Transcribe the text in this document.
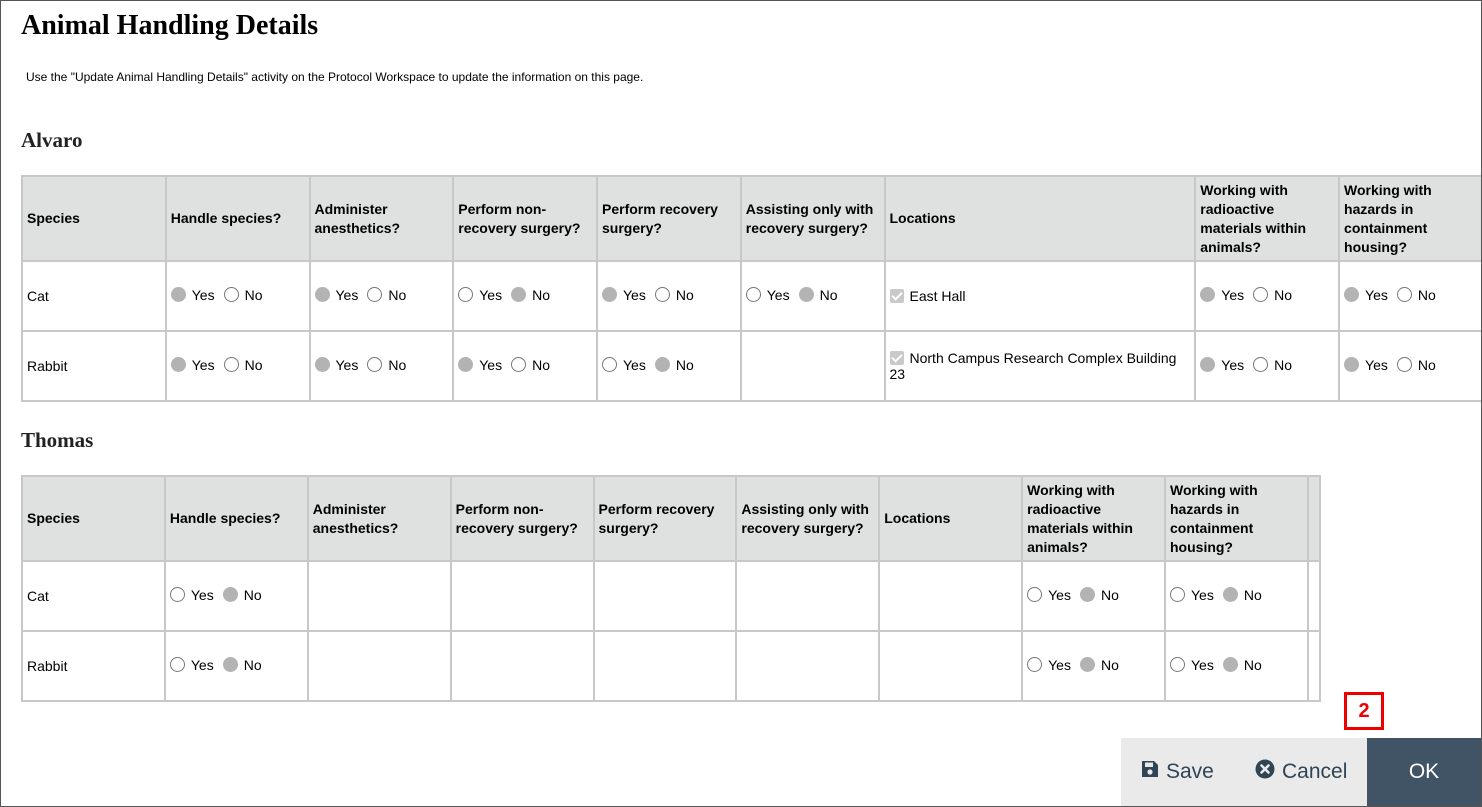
Animal Handling Details
Use the "Update Animal Handling Details" activity on the Protocol Workspace to update the information on this page.
Alvaro
Species	Handle species?	Administer anesthetics?	Perform non-recovery surgery?	Perform recovery surgery?	Assisting only with recovery surgery?	Locations	Working with radioactive materials within animals?	Working with hazards in containment housing?	
Cat	Yes No	Yes No	Yes No	Yes No	Yes No	East Hall	Yes No	Yes No	

Rabbit	Yes No	Yes No	Yes No	Yes No		North Campus Research Complex Building 23	Yes No	Yes No	

Thomas
Species	Handle species?	Administer anesthetics?	Perform non-recovery surgery?	Perform recovery surgery?	Assisting only with recovery surgery?	Locations	Working with radioactive materials within animals?	Working with hazards in containment housing?	
Cat	Yes No						Yes No	Yes No	

Rabbit	Yes No						Yes No	Yes No	

2
Save	Cancel	OK
